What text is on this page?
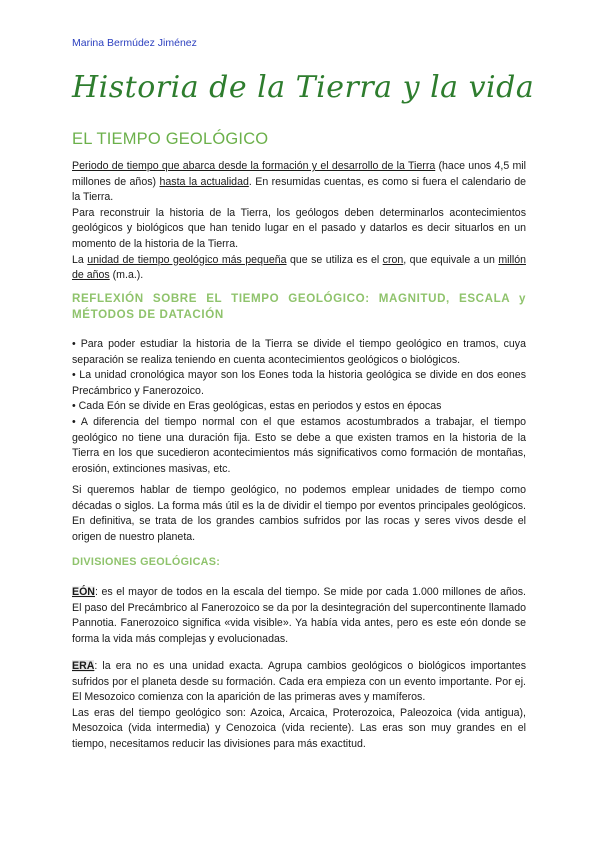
Marina Bermúdez Jiménez
Historia de la Tierra y la vida
EL TIEMPO GEOLÓGICO

Periodo de tiempo que abarca desde la formación y el desarrollo de la Tierra (hace unos 4,5 mil millones de años) hasta la actualidad. En resumidas cuentas, es como si fuera el calendario de la Tierra.

Para reconstruir la historia de la Tierra, los geólogos deben determinarlos acontecimientos geológicos y biológicos que han tenido lugar en el pasado y datarlos es decir situarlos en un momento de la historia de la Tierra.

La unidad de tiempo geológico más pequeña que se utiliza es el cron, que equivale a un millón de años (m.a.).

REFLEXIÓN SOBRE EL TIEMPO GEOLÓGICO: MAGNITUD, ESCALA y MÉTODOS DE DATACIÓN

• Para poder estudiar la historia de la Tierra se divide el tiempo geológico en tramos, cuya separación se realiza teniendo en cuenta acontecimientos geológicos o biológicos.

• La unidad cronológica mayor son los Eones toda la historia geológica se divide en dos eones Precámbrico y Fanerozoico.

• Cada Eón se divide en Eras geológicas, estas en periodos y estos en épocas

• A diferencia del tiempo normal con el que estamos acostumbrados a trabajar, el tiempo geológico no tiene una duración fija. Esto se debe a que existen tramos en la historia de la Tierra en los que sucedieron acontecimientos más significativos como formación de montañas, erosión, extinciones masivas, etc.

Si queremos hablar de tiempo geológico, no podemos emplear unidades de tiempo como décadas o siglos. La forma más útil es la de dividir el tiempo por eventos principales geológicos. En definitiva, se trata de los grandes cambios sufridos por las rocas y seres vivos desde el origen de nuestro planeta.
DIVISIONES GEOLÓGICAS:

EÓN: es el mayor de todos en la escala del tiempo. Se mide por cada 1.000 millones de años. El paso del Precámbrico al Fanerozoico se da por la desintegración del supercontinente llamado Pannotia. Fanerozoico significa «vida visible». Ya había vida antes, pero es este eón donde se forma la vida más complejas y evolucionadas.

ERA: la era no es una unidad exacta. Agrupa cambios geológicos o biológicos importantes sufridos por el planeta desde su formación. Cada era empieza con un evento importante. Por ej. El Mesozoico comienza con la aparición de las primeras aves y mamíferos.

Las eras del tiempo geológico son: Azoica, Arcaica, Proterozoica, Paleozoica (vida antigua), Mesozoica (vida intermedia) y Cenozoica (vida reciente). Las eras son muy grandes en el tiempo, necesitamos reducir las divisiones para más exactitud.
